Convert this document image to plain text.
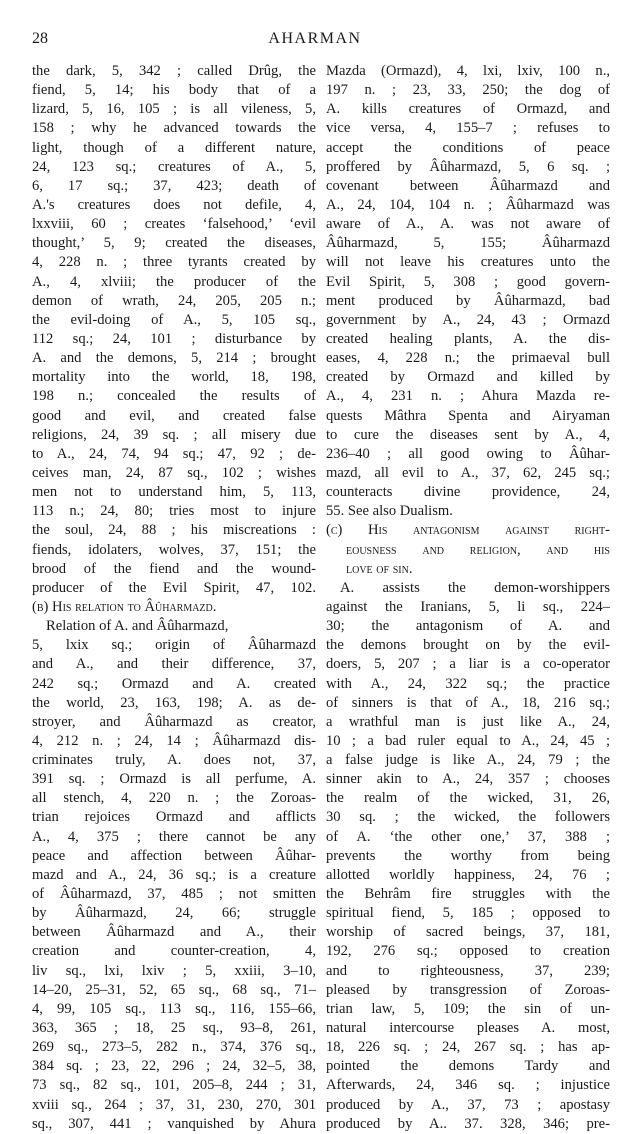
28	AHARMAN
the dark, 5, 342 ; called Drûg, the
fiend, 5, 14; his body that of a
lizard, 5, 16, 105 ; is all vileness, 5,
158 ; why he advanced towards the
light, though of a different nature,
24, 123 sq.; creatures of A., 5,
6, 17 sq.; 37, 423; death of
A.'s creatures does not defile, 4,
lxxviii, 60 ; creates ‘falsehood,’ ‘evil
thought,’ 5, 9; created the diseases,
4, 228 n. ; three tyrants created by
A., 4, xlviii; the producer of the
demon of wrath, 24, 205, 205 n.;
the evil-doing of A., 5, 105 sq.,
112 sq.; 24, 101 ; disturbance by
A. and the demons, 5, 214 ; brought
mortality into the world, 18, 198,
198 n.; concealed the results of
good and evil, and created false
religions, 24, 39 sq. ; all misery due
to A., 24, 74, 94 sq.; 47, 92 ; de-
ceives man, 24, 87 sq., 102 ; wishes
men not to understand him, 5, 113,
113 n.; 24, 80; tries most to injure
the soul, 24, 88 ; his miscreations :
fiends, idolaters, wolves, 37, 151; the
brood of the fiend and the wound-
producer of the Evil Spirit, 47, 102.
(b) His relation to Âûharmazd.
Relation of A. and Âûharmazd,
5, lxix sq.; origin of Âûharmazd
and A., and their difference, 37,
242 sq.; Ormazd and A. created
the world, 23, 163, 198; A. as de-
stroyer, and Âûharmazd as creator,
4, 212 n. ; 24, 14 ; Âûharmazd dis-
criminates truly, A. does not, 37,
391 sq. ; Ormazd is all perfume, A.
all stench, 4, 220 n. ; the Zoroas-
trian rejoices Ormazd and afflicts
A., 4, 375 ; there cannot be any
peace and affection between Âûhar-
mazd and A., 24, 36 sq.; is a creature
of Âûharmazd, 37, 485 ; not smitten
by Âûharmazd, 24, 66; struggle
between Âûharmazd and A., their
creation and counter-creation, 4,
liv sq., lxi, lxiv ; 5, xxiii, 3–10,
14–20, 25–31, 52, 65 sq., 68 sq., 71–
4, 99, 105 sq., 113 sq., 116, 155–66,
363, 365 ; 18, 25 sq., 93–8, 261,
269 sq., 273–5, 282 n., 374, 376 sq.,
384 sq. ; 23, 22, 296 ; 24, 32–5, 38,
73 sq., 82 sq., 101, 205–8, 244 ; 31,
xviii sq., 264 ; 37, 31, 230, 270, 301
sq., 307, 441 ; vanquished by Ahura
Mazda (Ormazd), 4, lxi, lxiv, 100 n.,
197 n. ; 23, 33, 250; the dog of
A. kills creatures of Ormazd, and
vice versa, 4, 155–7 ; refuses to
accept the conditions of peace
proffered by Âûharmazd, 5, 6 sq. ;
covenant between Âûharmazd and
A., 24, 104, 104 n. ; Âûharmazd was
aware of A., A. was not aware of
Âûharmazd, 5, 155; Âûharmazd
will not leave his creatures unto the
Evil Spirit, 5, 308 ; good govern-
ment produced by Âûharmazd, bad
government by A., 24, 43 ; Ormazd
created healing plants, A. the dis-
eases, 4, 228 n.; the primaeval bull
created by Ormazd and killed by
A., 4, 231 n. ; Ahura Mazda re-
quests Mâthra Spenta and Airyaman
to cure the diseases sent by A., 4,
236–40 ; all good owing to Âûhar-
mazd, all evil to A., 37, 62, 245 sq.;
counteracts divine providence, 24,
55. See also Dualism.
(c) His antagonism against right-
eousness and religion, and his
love of sin.
A. assists the demon-worshippers
against the Iranians, 5, li sq., 224–
30; the antagonism of A. and
the demons brought on by the evil-
doers, 5, 207 ; a liar is a co-operator
with A., 24, 322 sq.; the practice
of sinners is that of A., 18, 216 sq.;
a wrathful man is just like A., 24,
10 ; a bad ruler equal to A., 24, 45 ;
a false judge is like A., 24, 79 ; the
sinner akin to A., 24, 357 ; chooses
the realm of the wicked, 31, 26,
30 sq. ; the wicked, the followers
of A. ‘the other one,’ 37, 388 ;
prevents the worthy from being
allotted worldly happiness, 24, 76 ;
the Behrâm fire struggles with the
spiritual fiend, 5, 185 ; opposed to
worship of sacred beings, 37, 181,
192, 276 sq.; opposed to creation
and to righteousness, 37, 239;
pleased by transgression of Zoroas-
trian law, 5, 109; the sin of un-
natural intercourse pleases A. most,
18, 226 sq. ; 24, 267 sq. ; has ap-
pointed the demons Tardy and
Afterwards, 24, 346 sq. ; injustice
produced by A., 37, 73 ; apostasy
produced by A.. 37. 328, 346; pre-
